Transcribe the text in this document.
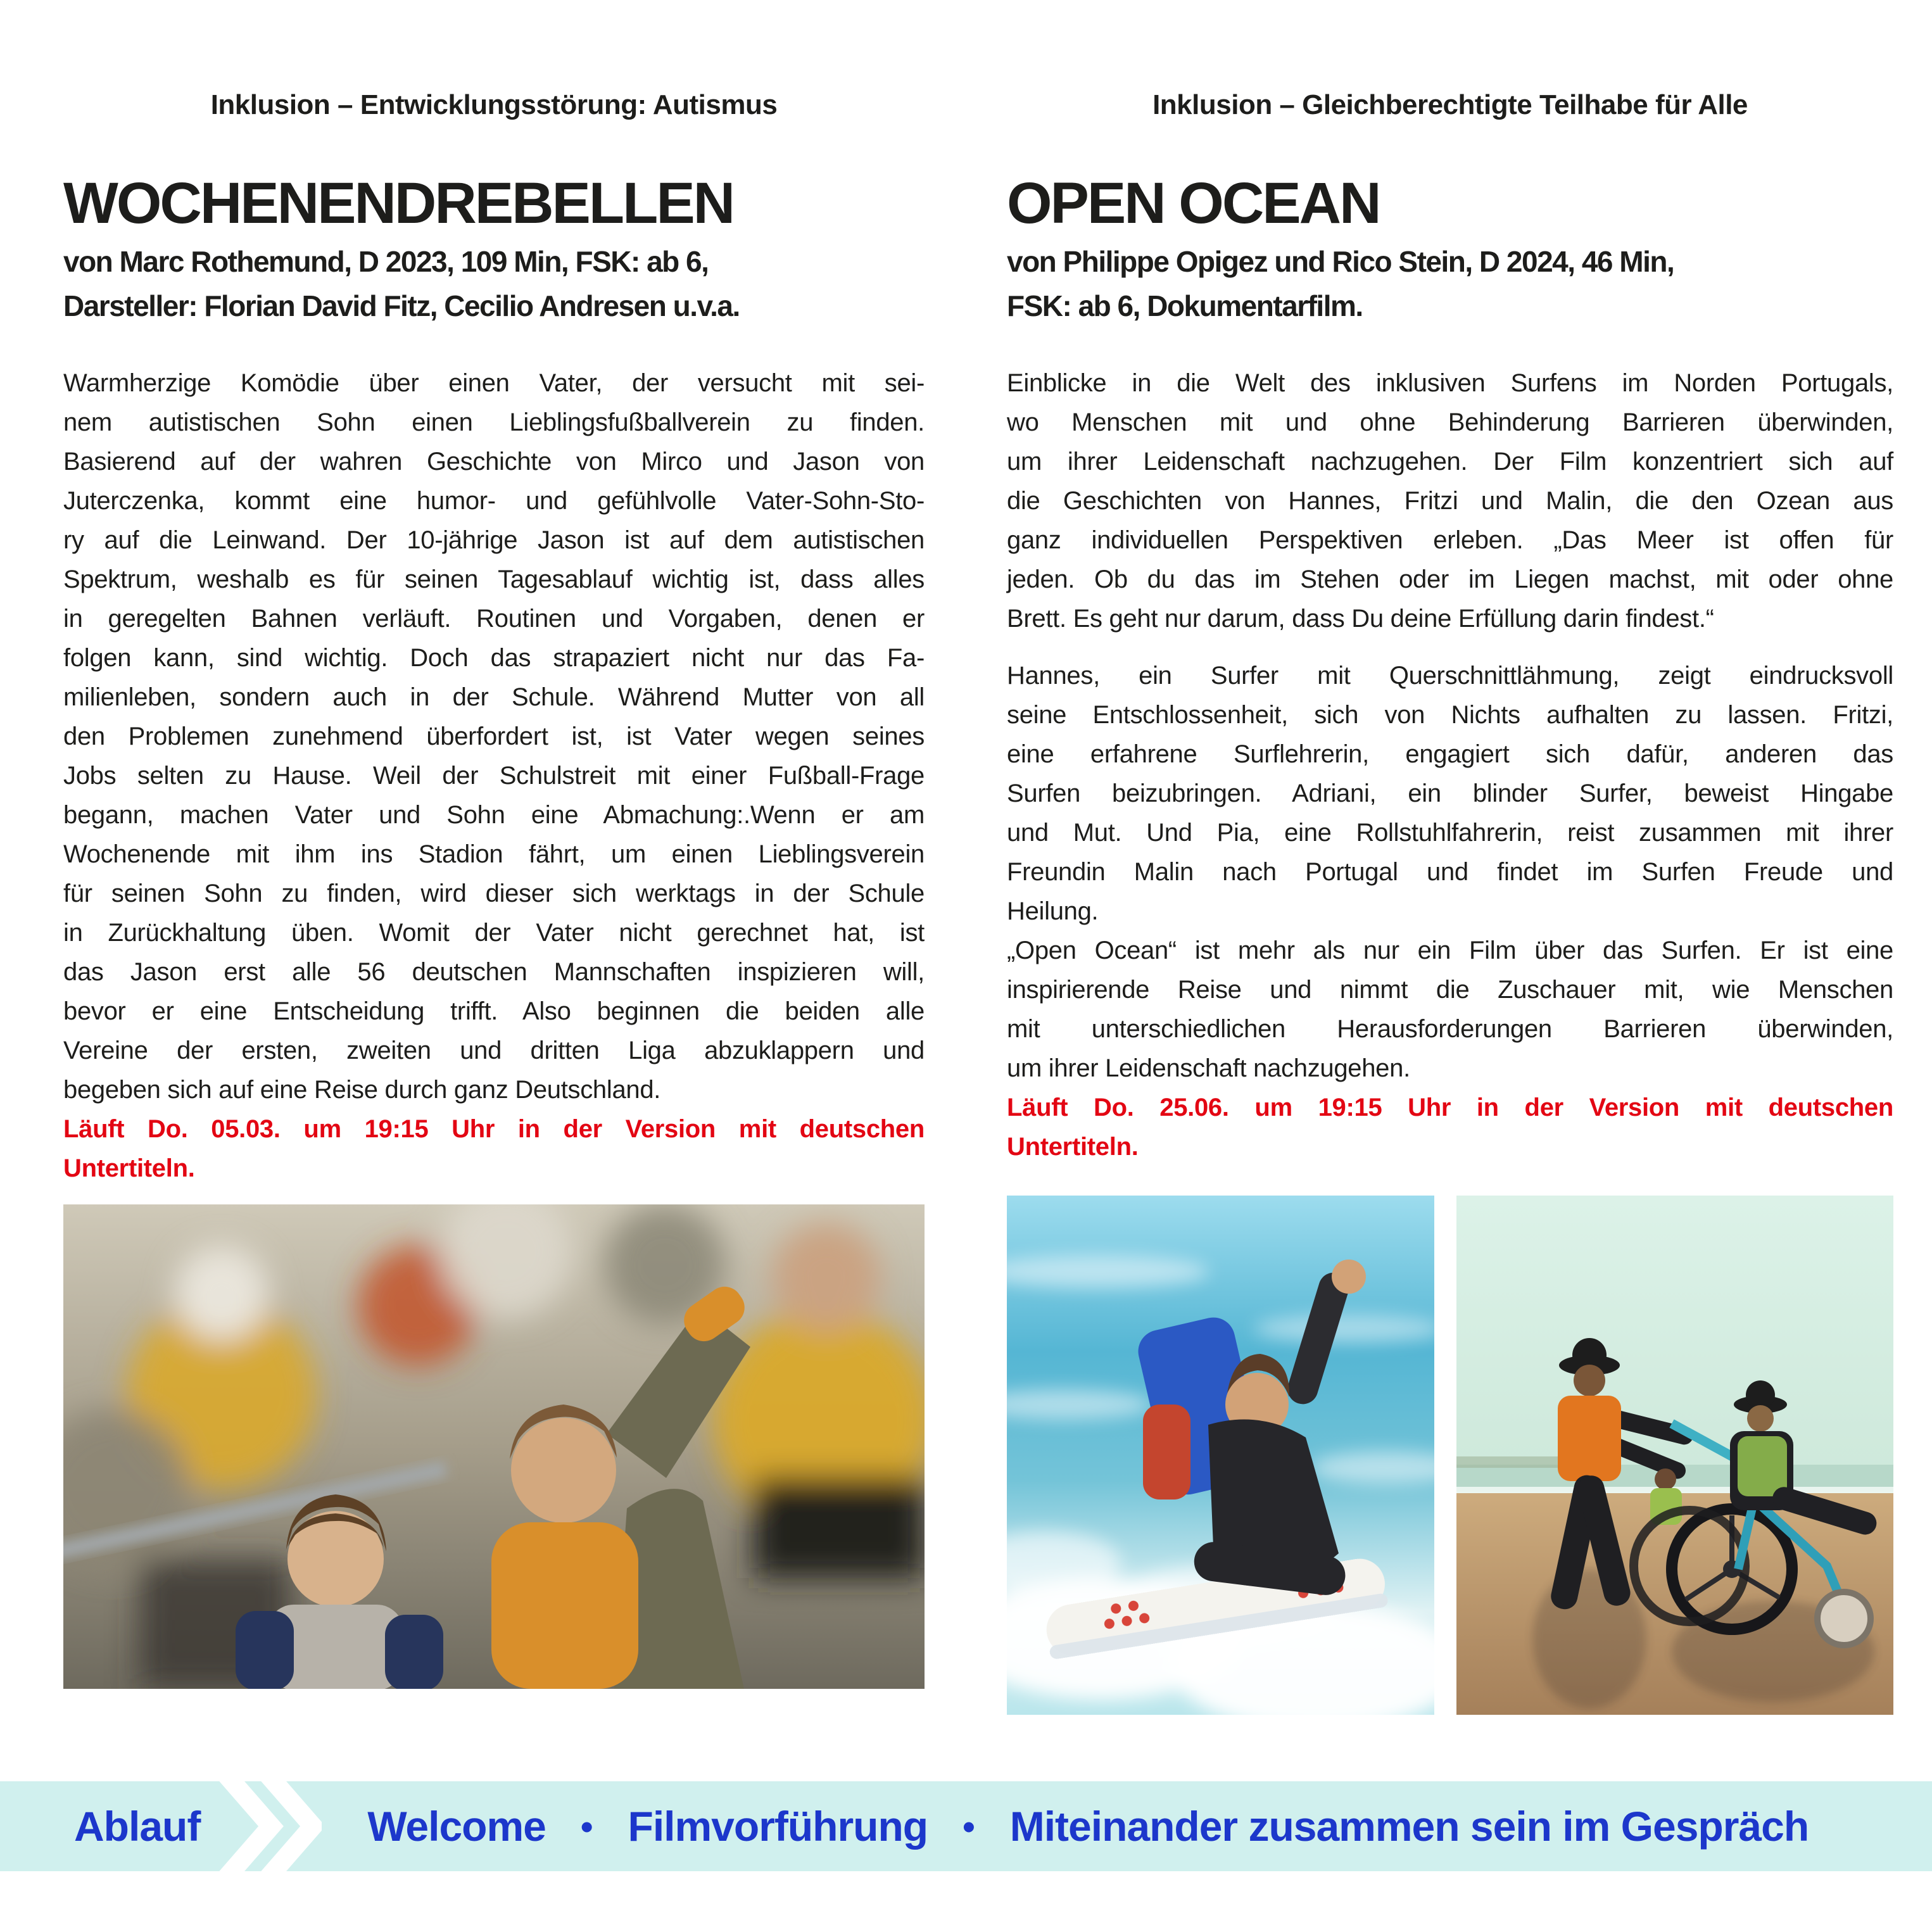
Inklusion – Entwicklungsstörung: Autismus
WOCHENENDREBELLEN
von Marc Rothemund, D 2023, 109 Min, FSK: ab 6,
Darsteller: Florian David Fitz, Cecilio Andresen u.v.a.
Warmherzige Komödie über einen Vater, der versucht mit sei-
nem autistischen Sohn einen Lieblingsfußballverein zu finden.
Basierend auf der wahren Geschichte von Mirco und Jason von
Juterczenka, kommt eine humor- und gefühlvolle Vater-Sohn-Sto-
ry auf die Leinwand. Der 10-jährige Jason ist auf dem autistischen
Spektrum, weshalb es für seinen Tagesablauf wichtig ist, dass alles
in geregelten Bahnen verläuft. Routinen und Vorgaben, denen er
folgen kann, sind wichtig. Doch das strapaziert nicht nur das Fa-
milienleben, sondern auch in der Schule. Während Mutter von all
den Problemen zunehmend überfordert ist, ist Vater wegen seines
Jobs selten zu Hause. Weil der Schulstreit mit einer Fußball-Frage
begann, machen Vater und Sohn eine Abmachung:.Wenn er am
Wochenende mit ihm ins Stadion fährt, um einen Lieblingsverein
für seinen Sohn zu finden, wird dieser sich werktags in der Schule
in Zurückhaltung üben. Womit der Vater nicht gerechnet hat, ist
das Jason erst alle 56 deutschen Mannschaften inspizieren will,
bevor er eine Entscheidung trifft. Also beginnen die beiden alle
Vereine der ersten, zweiten und dritten Liga abzuklappern und
begeben sich auf eine Reise durch ganz Deutschland.
Läuft Do. 05.03. um 19:15 Uhr in der Version mit deutschen
Untertiteln.
Inklusion – Gleichberechtigte Teilhabe für Alle
OPEN OCEAN
von Philippe Opigez und Rico Stein, D 2024, 46 Min,
FSK: ab 6, Dokumentarfilm.
Einblicke in die Welt des inklusiven Surfens im Norden Portugals,
wo Menschen mit und ohne Behinderung Barrieren überwinden,
um ihrer Leidenschaft nachzugehen. Der Film konzentriert sich auf
die Geschichten von Hannes, Fritzi und Malin, die den Ozean aus
ganz individuellen Perspektiven erleben. „Das Meer ist offen für
jeden. Ob du das im Stehen oder im Liegen machst, mit oder ohne
Brett. Es geht nur darum, dass Du deine Erfüllung darin findest.“
Hannes, ein Surfer mit Querschnittlähmung, zeigt eindrucksvoll
seine Entschlossenheit, sich von Nichts aufhalten zu lassen. Fritzi,
eine erfahrene Surflehrerin, engagiert sich dafür, anderen das
Surfen beizubringen. Adriani, ein blinder Surfer, beweist Hingabe
und Mut. Und Pia, eine Rollstuhlfahrerin, reist zusammen mit ihrer
Freundin Malin nach Portugal und findet im Surfen Freude und
Heilung.
„Open Ocean“ ist mehr als nur ein Film über das Surfen. Er ist eine
inspirierende Reise und nimmt die Zuschauer mit, wie Menschen
mit unterschiedlichen Herausforderungen Barrieren überwinden,
um ihrer Leidenschaft nachzugehen.
Läuft Do. 25.06. um 19:15 Uhr in der Version mit deutschen
Untertiteln.
Ablauf	Welcome • Filmvorführung • Miteinander zusammen sein im Gespräch
